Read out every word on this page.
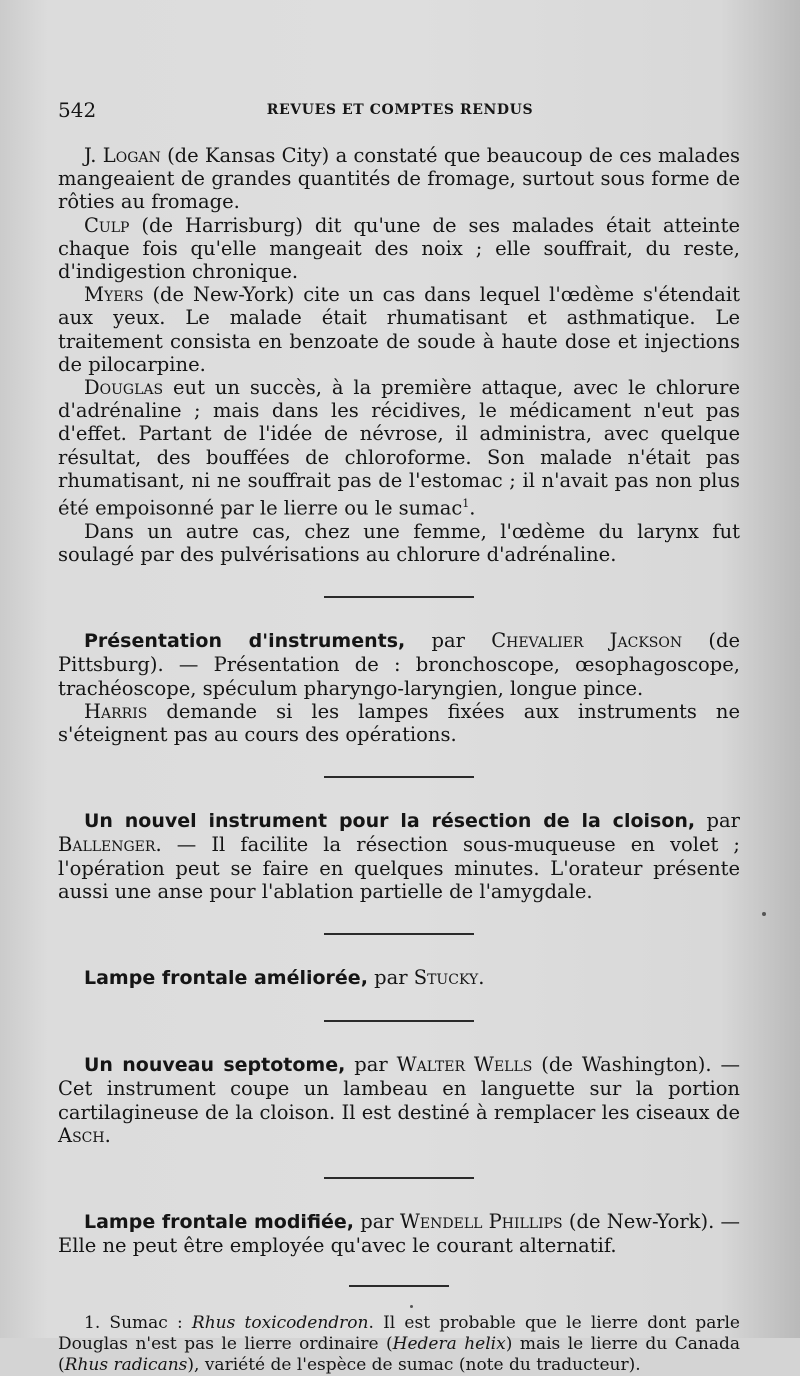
542	REVUES ET COMPTES RENDUS

J. Logan (de Kansas City) a constaté que beaucoup de ces malades mangeaient de grandes quantités de fromage, surtout sous forme de rôties au fromage.

Culp (de Harrisburg) dit qu'une de ses malades était atteinte chaque fois qu'elle mangeait des noix ; elle souffrait, du reste, d'indigestion chronique.

Myers (de New-York) cite un cas dans lequel l'œdème s'étendait aux yeux. Le malade était rhumatisant et asthmatique. Le traitement consista en benzoate de soude à haute dose et injections de pilocarpine.

Douglas eut un succès, à la première attaque, avec le chlorure d'adrénaline ; mais dans les récidives, le médicament n'eut pas d'effet. Partant de l'idée de névrose, il administra, avec quelque résultat, des bouffées de chloroforme. Son malade n'était pas rhumatisant, ni ne souffrait pas de l'estomac ; il n'avait pas non plus été empoisonné par le lierre ou le sumac$^1$.

Dans un autre cas, chez une femme, l'œdème du larynx fut soulagé par des pulvérisations au chlorure d'adrénaline.

Présentation d'instruments, par Chevalier Jackson (de Pittsburg). — Présentation de : bronchoscope, œsophagoscope, trachéoscope, spéculum pharyngo-laryngien, longue pince.

Harris demande si les lampes fixées aux instruments ne s'éteignent pas au cours des opérations.

Un nouvel instrument pour la résection de la cloison, par Ballenger. — Il facilite la résection sous-muqueuse en volet ; l'opération peut se faire en quelques minutes. L'orateur présente aussi une anse pour l'ablation partielle de l'amygdale.

Lampe frontale améliorée, par Stucky.

Un nouveau septotome, par Walter Wells (de Washington). — Cet instrument coupe un lambeau en languette sur la portion cartilagineuse de la cloison. Il est destiné à remplacer les ciseaux de Asch.

Lampe frontale modifiée, par Wendell Phillips (de New-York). — Elle ne peut être employée qu'avec le courant alternatif.

1. Sumac : Rhus toxicodendron. Il est probable que le lierre dont parle Douglas n'est pas le lierre ordinaire (Hedera helix) mais le lierre du Canada (Rhus radicans), variété de l'espèce de sumac (note du traducteur).
